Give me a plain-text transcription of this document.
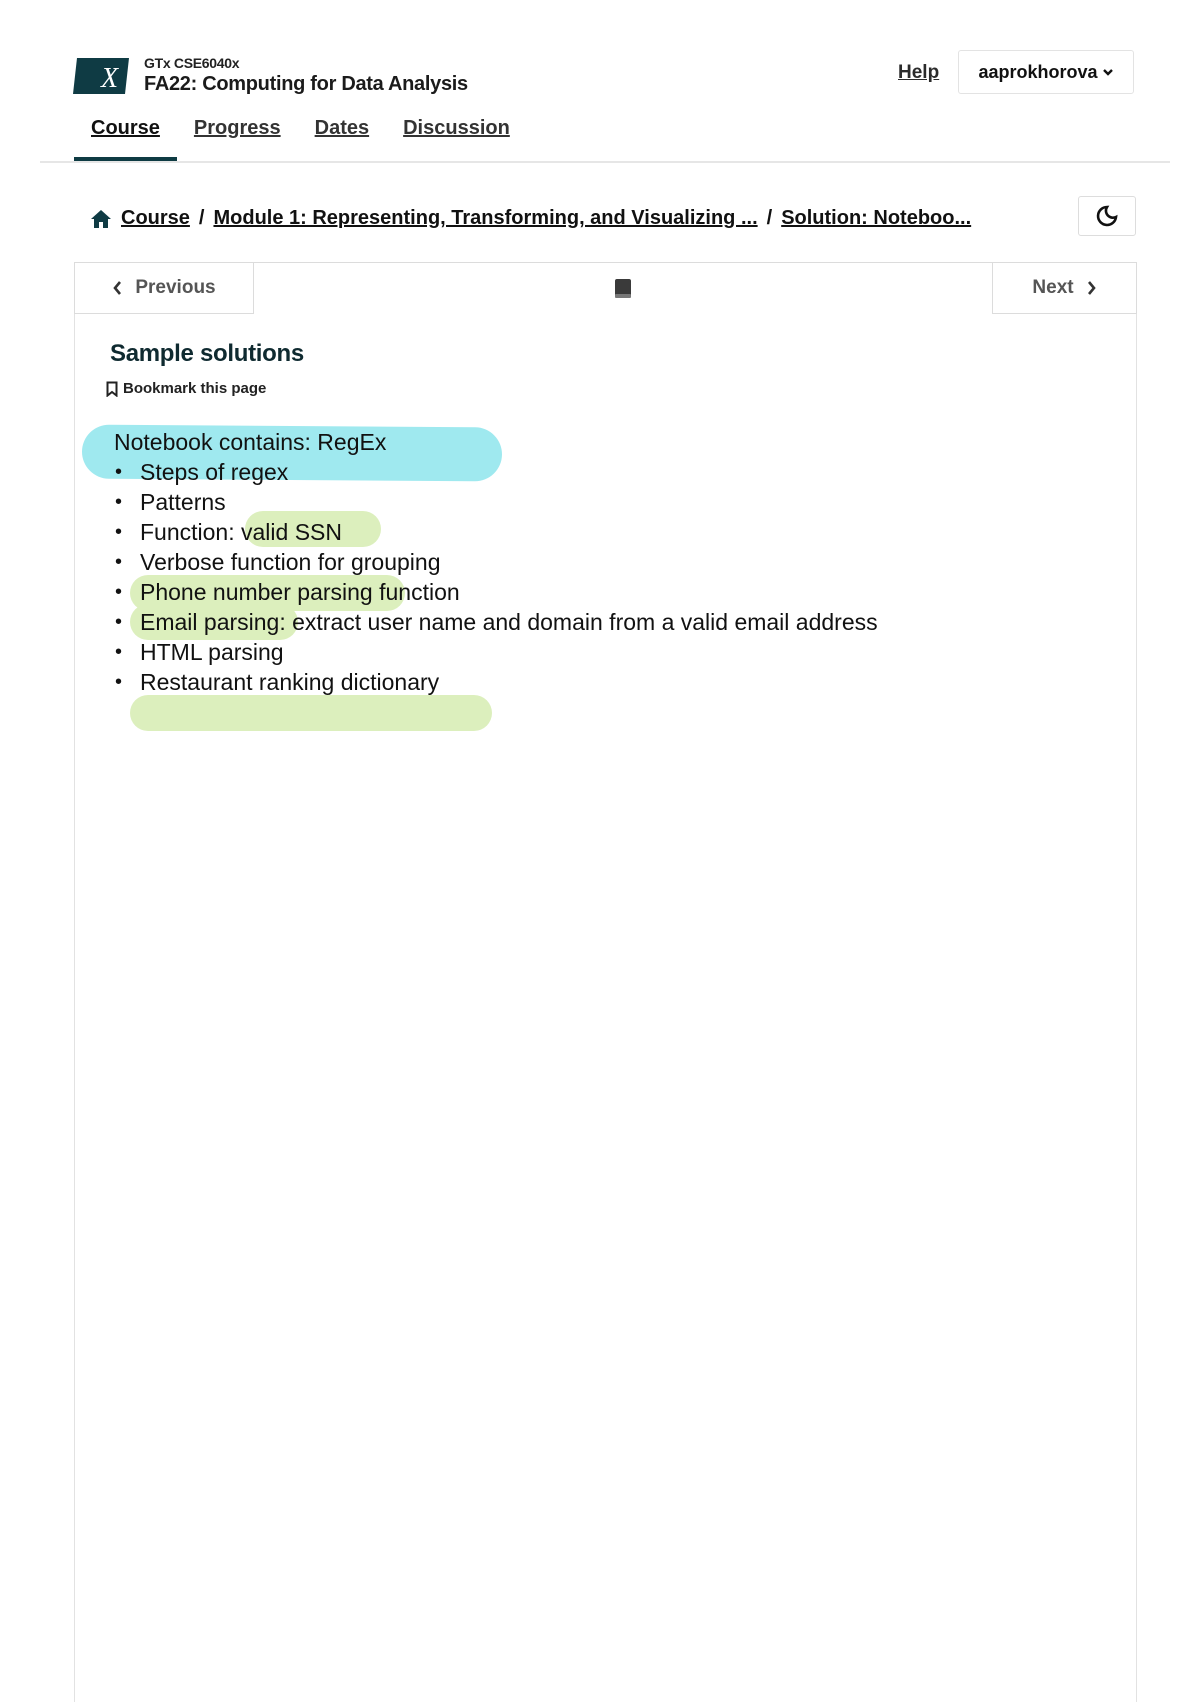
X GTx CSE6040x
FA22: Computing for Data Analysis
Help aaprokhorova
Course	Progress	Dates	Discussion
Course / Module 1: Representing, Transforming, and Visualizing ... / Solution: Noteboo...
Previous	Next
Sample solutions
Bookmark this page

Notebook contains: RegEx

• Steps of regex
• Patterns
• Function: valid SSN
• Verbose function for grouping
• Phone number parsing function
• Email parsing: extract user name and domain from a valid email address
• HTML parsing
• Restaurant ranking dictionary
